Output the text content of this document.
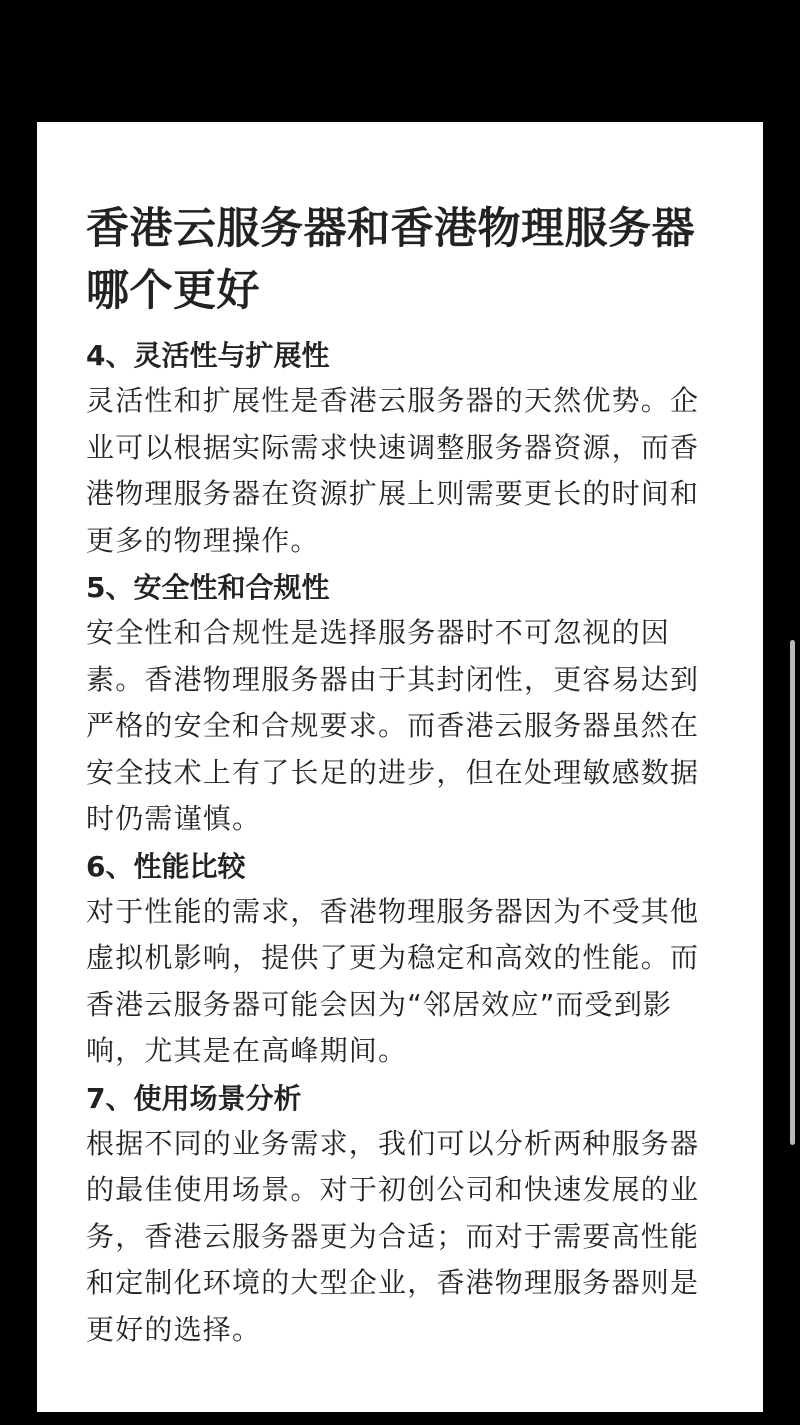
香港云服务器和香港物理服务器哪个更好

4、灵活性与扩展性

灵活性和扩展性是香港云服务器的天然优势。企业可以根据实际需求快速调整服务器资源，而香港物理服务器在资源扩展上则需要更长的时间和更多的物理操作。

5、安全性和合规性

安全性和合规性是选择服务器时不可忽视的因素。香港物理服务器由于其封闭性，更容易达到严格的安全和合规要求。而香港云服务器虽然在安全技术上有了长足的进步，但在处理敏感数据时仍需谨慎。

6、性能比较

对于性能的需求，香港物理服务器因为不受其他虚拟机影响，提供了更为稳定和高效的性能。而香港云服务器可能会因为“邻居效应”而受到影响，尤其是在高峰期间。

7、使用场景分析

根据不同的业务需求，我们可以分析两种服务器的最佳使用场景。对于初创公司和快速发展的业务，香港云服务器更为合适；而对于需要高性能和定制化环境的大型企业，香港物理服务器则是更好的选择。
